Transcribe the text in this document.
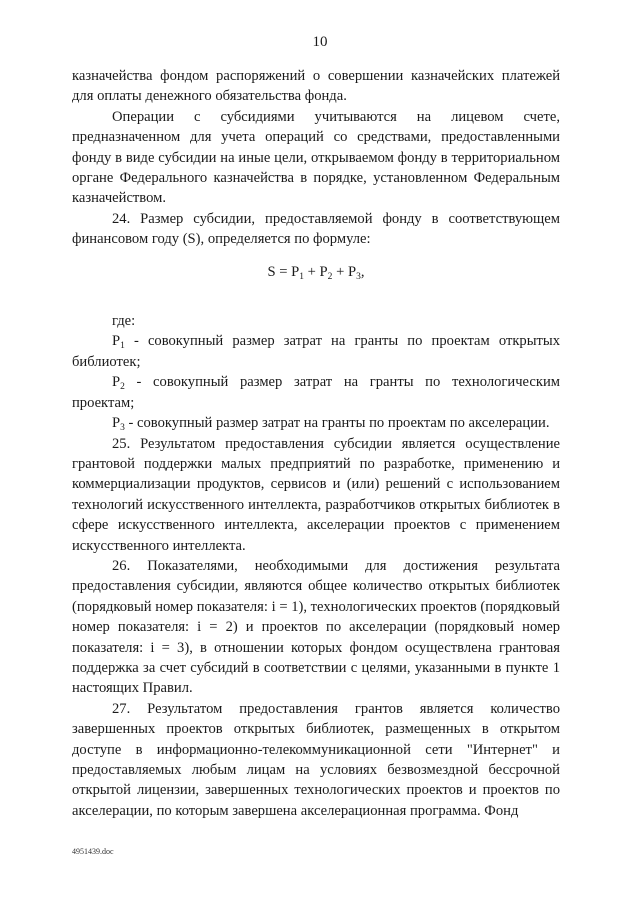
10

казначейства фондом распоряжений о совершении казначейских платежей для оплаты денежного обязательства фонда.

Операции с субсидиями учитываются на лицевом счете, предназначенном для учета операций со средствами, предоставленными фонду в виде субсидии на иные цели, открываемом фонду в территориальном органе Федерального казначейства в порядке, установленном Федеральным казначейством.

24. Размер субсидии, предоставляемой фонду в соответствующем финансовом году (S), определяется по формуле:

$S = P_1 + P_2 + P_3$,

где:

$P_1$ - совокупный размер затрат на гранты по проектам открытых библиотек;

$P_2$ - совокупный размер затрат на гранты по технологическим проектам;

$P_3$ - совокупный размер затрат на гранты по проектам по акселерации.

25. Результатом предоставления субсидии является осуществление грантовой поддержки малых предприятий по разработке, применению и коммерциализации продуктов, сервисов и (или) решений с использованием технологий искусственного интеллекта, разработчиков открытых библиотек в сфере искусственного интеллекта, акселерации проектов с применением искусственного интеллекта.

26. Показателями, необходимыми для достижения результата предоставления субсидии, являются общее количество открытых библиотек (порядковый номер показателя: i = 1), технологических проектов (порядковый номер показателя: i = 2) и проектов по акселерации (порядковый номер показателя: i = 3), в отношении которых фондом осуществлена грантовая поддержка за счет субсидий в соответствии с целями, указанными в пункте 1 настоящих Правил.

27. Результатом предоставления грантов является количество завершенных проектов открытых библиотек, размещенных в открытом доступе в информационно-телекоммуникационной сети "Интернет" и предоставляемых любым лицам на условиях безвозмездной бессрочной открытой лицензии, завершенных технологических проектов и проектов по акселерации, по которым завершена акселерационная программа. Фонд

4951439.doc
